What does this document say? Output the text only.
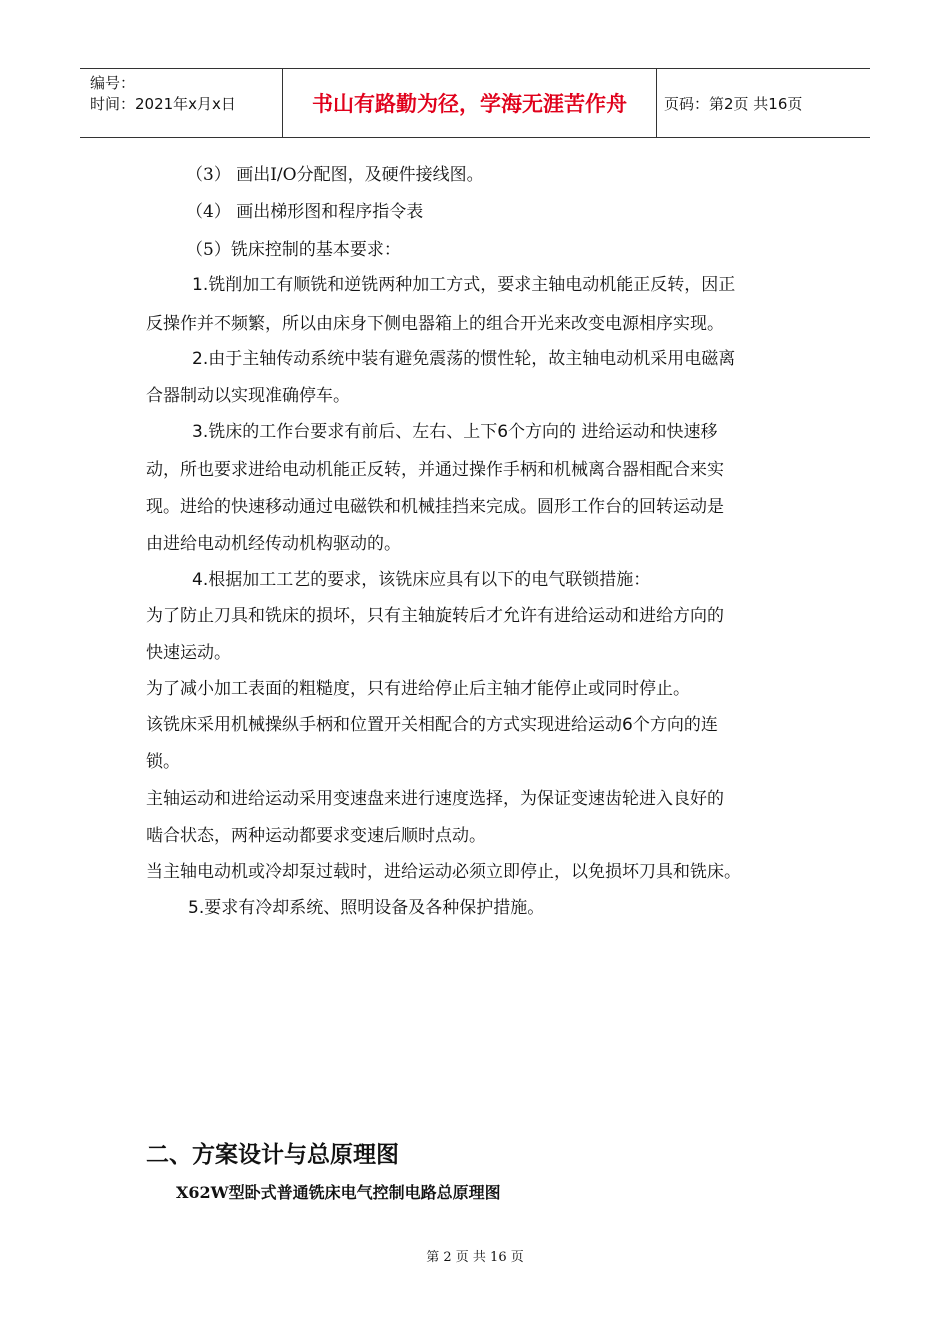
编号：
时间：2021年x月x日	书山有路勤为径，学海无涯苦作舟	页码：第2页 共16页
（3） 画出I/O分配图，及硬件接线图。
（4） 画出梯形图和程序指令表
（5）铣床控制的基本要求：
1.铣削加工有顺铣和逆铣两种加工方式，要求主轴电动机能正反转，因正
反操作并不频繁，所以由床身下侧电器箱上的组合开光来改变电源相序实现。
2.由于主轴传动系统中装有避免震荡的惯性轮，故主轴电动机采用电磁离
合器制动以实现准确停车。
3.铣床的工作台要求有前后、左右、上下6个方向的 进给运动和快速移
动，所也要求进给电动机能正反转，并通过操作手柄和机械离合器相配合来实
现。进给的快速移动通过电磁铁和机械挂挡来完成。圆形工作台的回转运动是
由进给电动机经传动机构驱动的。
4.根据加工工艺的要求，该铣床应具有以下的电气联锁措施：
为了防止刀具和铣床的损坏，只有主轴旋转后才允许有进给运动和进给方向的
快速运动。
为了减小加工表面的粗糙度，只有进给停止后主轴才能停止或同时停止。
该铣床采用机械操纵手柄和位置开关相配合的方式实现进给运动6个方向的连
锁。
主轴运动和进给运动采用变速盘来进行速度选择，为保证变速齿轮进入良好的
啮合状态，两种运动都要求变速后顺时点动。
当主轴电动机或冷却泵过载时，进给运动必须立即停止，以免损坏刀具和铣床。
5.要求有冷却系统、照明设备及各种保护措施。
二、方案设计与总原理图
X62W型卧式普通铣床电气控制电路总原理图
第 2 页 共 16 页
